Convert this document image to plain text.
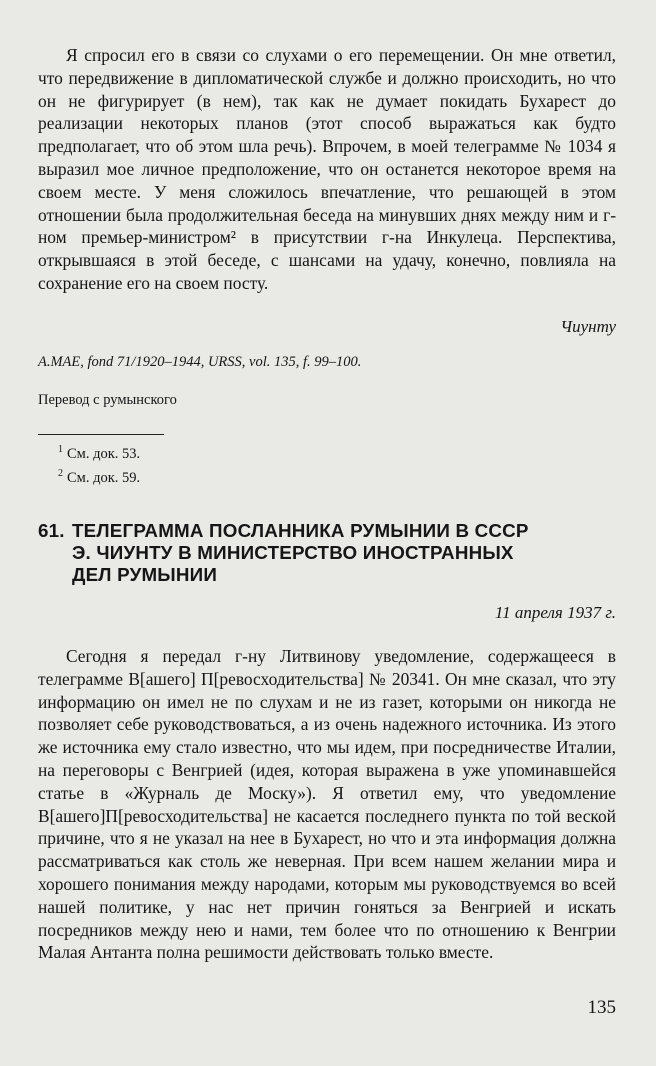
Я спросил его в связи со слухами о его перемещении. Он мне ответил, что передвижение в дипломатической службе и должно происходить, но что он не фигурирует (в нем), так как не думает покидать Бухарест до реализации некоторых планов (этот способ выражаться как будто предполагает, что об этом шла речь). Впрочем, в моей телеграмме № 1034 я выразил мое личное предположение, что он останется некоторое время на своем месте. У меня сложилось впечатление, что решающей в этом отношении была продолжительная беседа на минувших днях между ним и г-ном премьер-министром² в присутствии г-на Инкулеца. Перспектива, открывшаяся в этой беседе, с шансами на удачу, конечно, повлияла на сохранение его на своем посту.

Чиунту
A.MAE, fond 71/1920–1944, URSS, vol. 135, f. 99–100.
Перевод с румынского
$^1$ См. док. 53.
$^2$ См. док. 59.
61. ТЕЛЕГРАММА ПОСЛАННИКА РУМЫНИИ В СССР
Э. ЧИУНТУ В МИНИСТЕРСТВО ИНОСТРАННЫХ
ДЕЛ РУМЫНИИ
11 апреля 1937 г.

Сегодня я передал г-ну Литвинову уведомление, содержащееся в телеграмме В[ашего] П[ревосходительства] № 20341. Он мне сказал, что эту информацию он имел не по слухам и не из газет, которыми он никогда не позволяет себе руководствоваться, а из очень надежного источника. Из этого же источника ему стало известно, что мы идем, при посредничестве Италии, на переговоры с Венгрией (идея, которая выражена в уже упоминавшейся статье в «Журналь де Моску»). Я ответил ему, что уведомление В[ашего]П[ревосходительства] не касается последнего пункта по той веской причине, что я не указал на нее в Бухарест, но что и эта информация должна рассматриваться как столь же неверная. При всем нашем желании мира и хорошего понимания между народами, которым мы руководствуемся во всей нашей политике, у нас нет причин гоняться за Венгрией и искать посредников между нею и нами, тем более что по отношению к Венгрии Малая Антанта полна решимости действовать только вместе.

135
